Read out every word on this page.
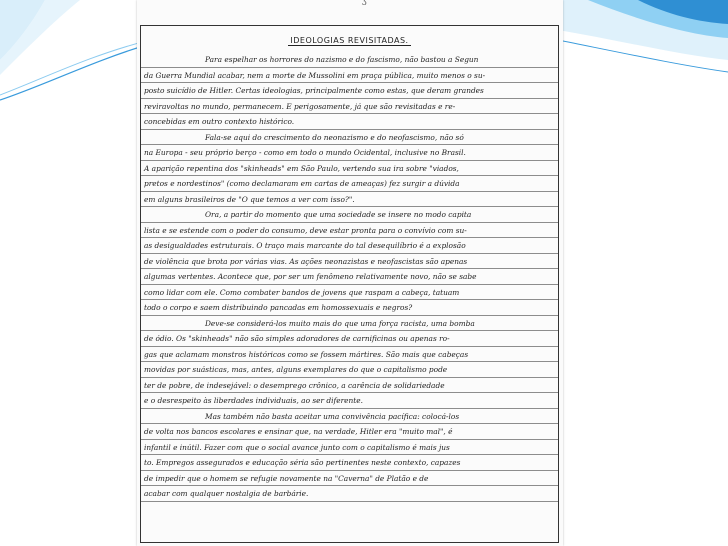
ʒ
IDEOLOGIAS REVISITADAS.
Para espelhar os horrores do nazismo e do fascismo, não bastou a Segun
da Guerra Mundial acabar, nem a morte de Mussolini em praça pública, muito menos o su-
posto suicídio de Hitler. Certas ideologias, principalmente como estas, que deram grandes
reviravoltas no mundo, permanecem. E perigosamente, já que são revisitadas e re-
concebidas em outro contexto histórico.
Fala-se aqui do crescimento do neonazismo e do neofascismo, não só
na Europa - seu próprio berço - como em todo o mundo Ocidental, inclusive no Brasil.
A aparição repentina dos "skinheads" em São Paulo, vertendo sua ira sobre "viados,
pretos e nordestinos" (como declamaram em cartas de ameaças) fez surgir a dúvida
em alguns brasileiros de "O que temos a ver com isso?".
Ora, a partir do momento que uma sociedade se insere no modo capita
lista e se estende com o poder do consumo, deve estar pronta para o convívio com su-
as desigualdades estruturais. O traço mais marcante do tal desequilíbrio é a explosão
de violência que brota por várias vias. As ações neonazistas e neofascistas são apenas
algumas vertentes. Acontece que, por ser um fenômeno relativamente novo, não se sabe
como lidar com ele. Como combater bandos de jovens que raspam a cabeça, tatuam
todo o corpo e saem distribuindo pancadas em homossexuais e negros?
Deve-se considerá-los muito mais do que uma força racista, uma bomba
de ódio. Os "skinheads" não são simples adoradores de carnificinas ou apenas ro-
gas que aclamam monstros históricos como se fossem mártires. São mais que cabeças
movidas por suásticas, mas, antes, alguns exemplares do que o capitalismo pode
ter de pobre, de indesejável: o desemprego crônico, a carência de solidariedade
e o desrespeito às liberdades individuais, ao ser diferente.
Mas também não basta aceitar uma convivência pacífica: colocá-los
de volta nos bancos escolares e ensinar que, na verdade, Hitler era "muito mal", é
infantil e inútil. Fazer com que o social avance junto com o capitalismo é mais jus
to. Empregos assegurados e educação séria são pertinentes neste contexto, capazes
de impedir que o homem se refugie novamente na "Caverna" de Platão e de
acabar com qualquer nostalgia de barbárie.
